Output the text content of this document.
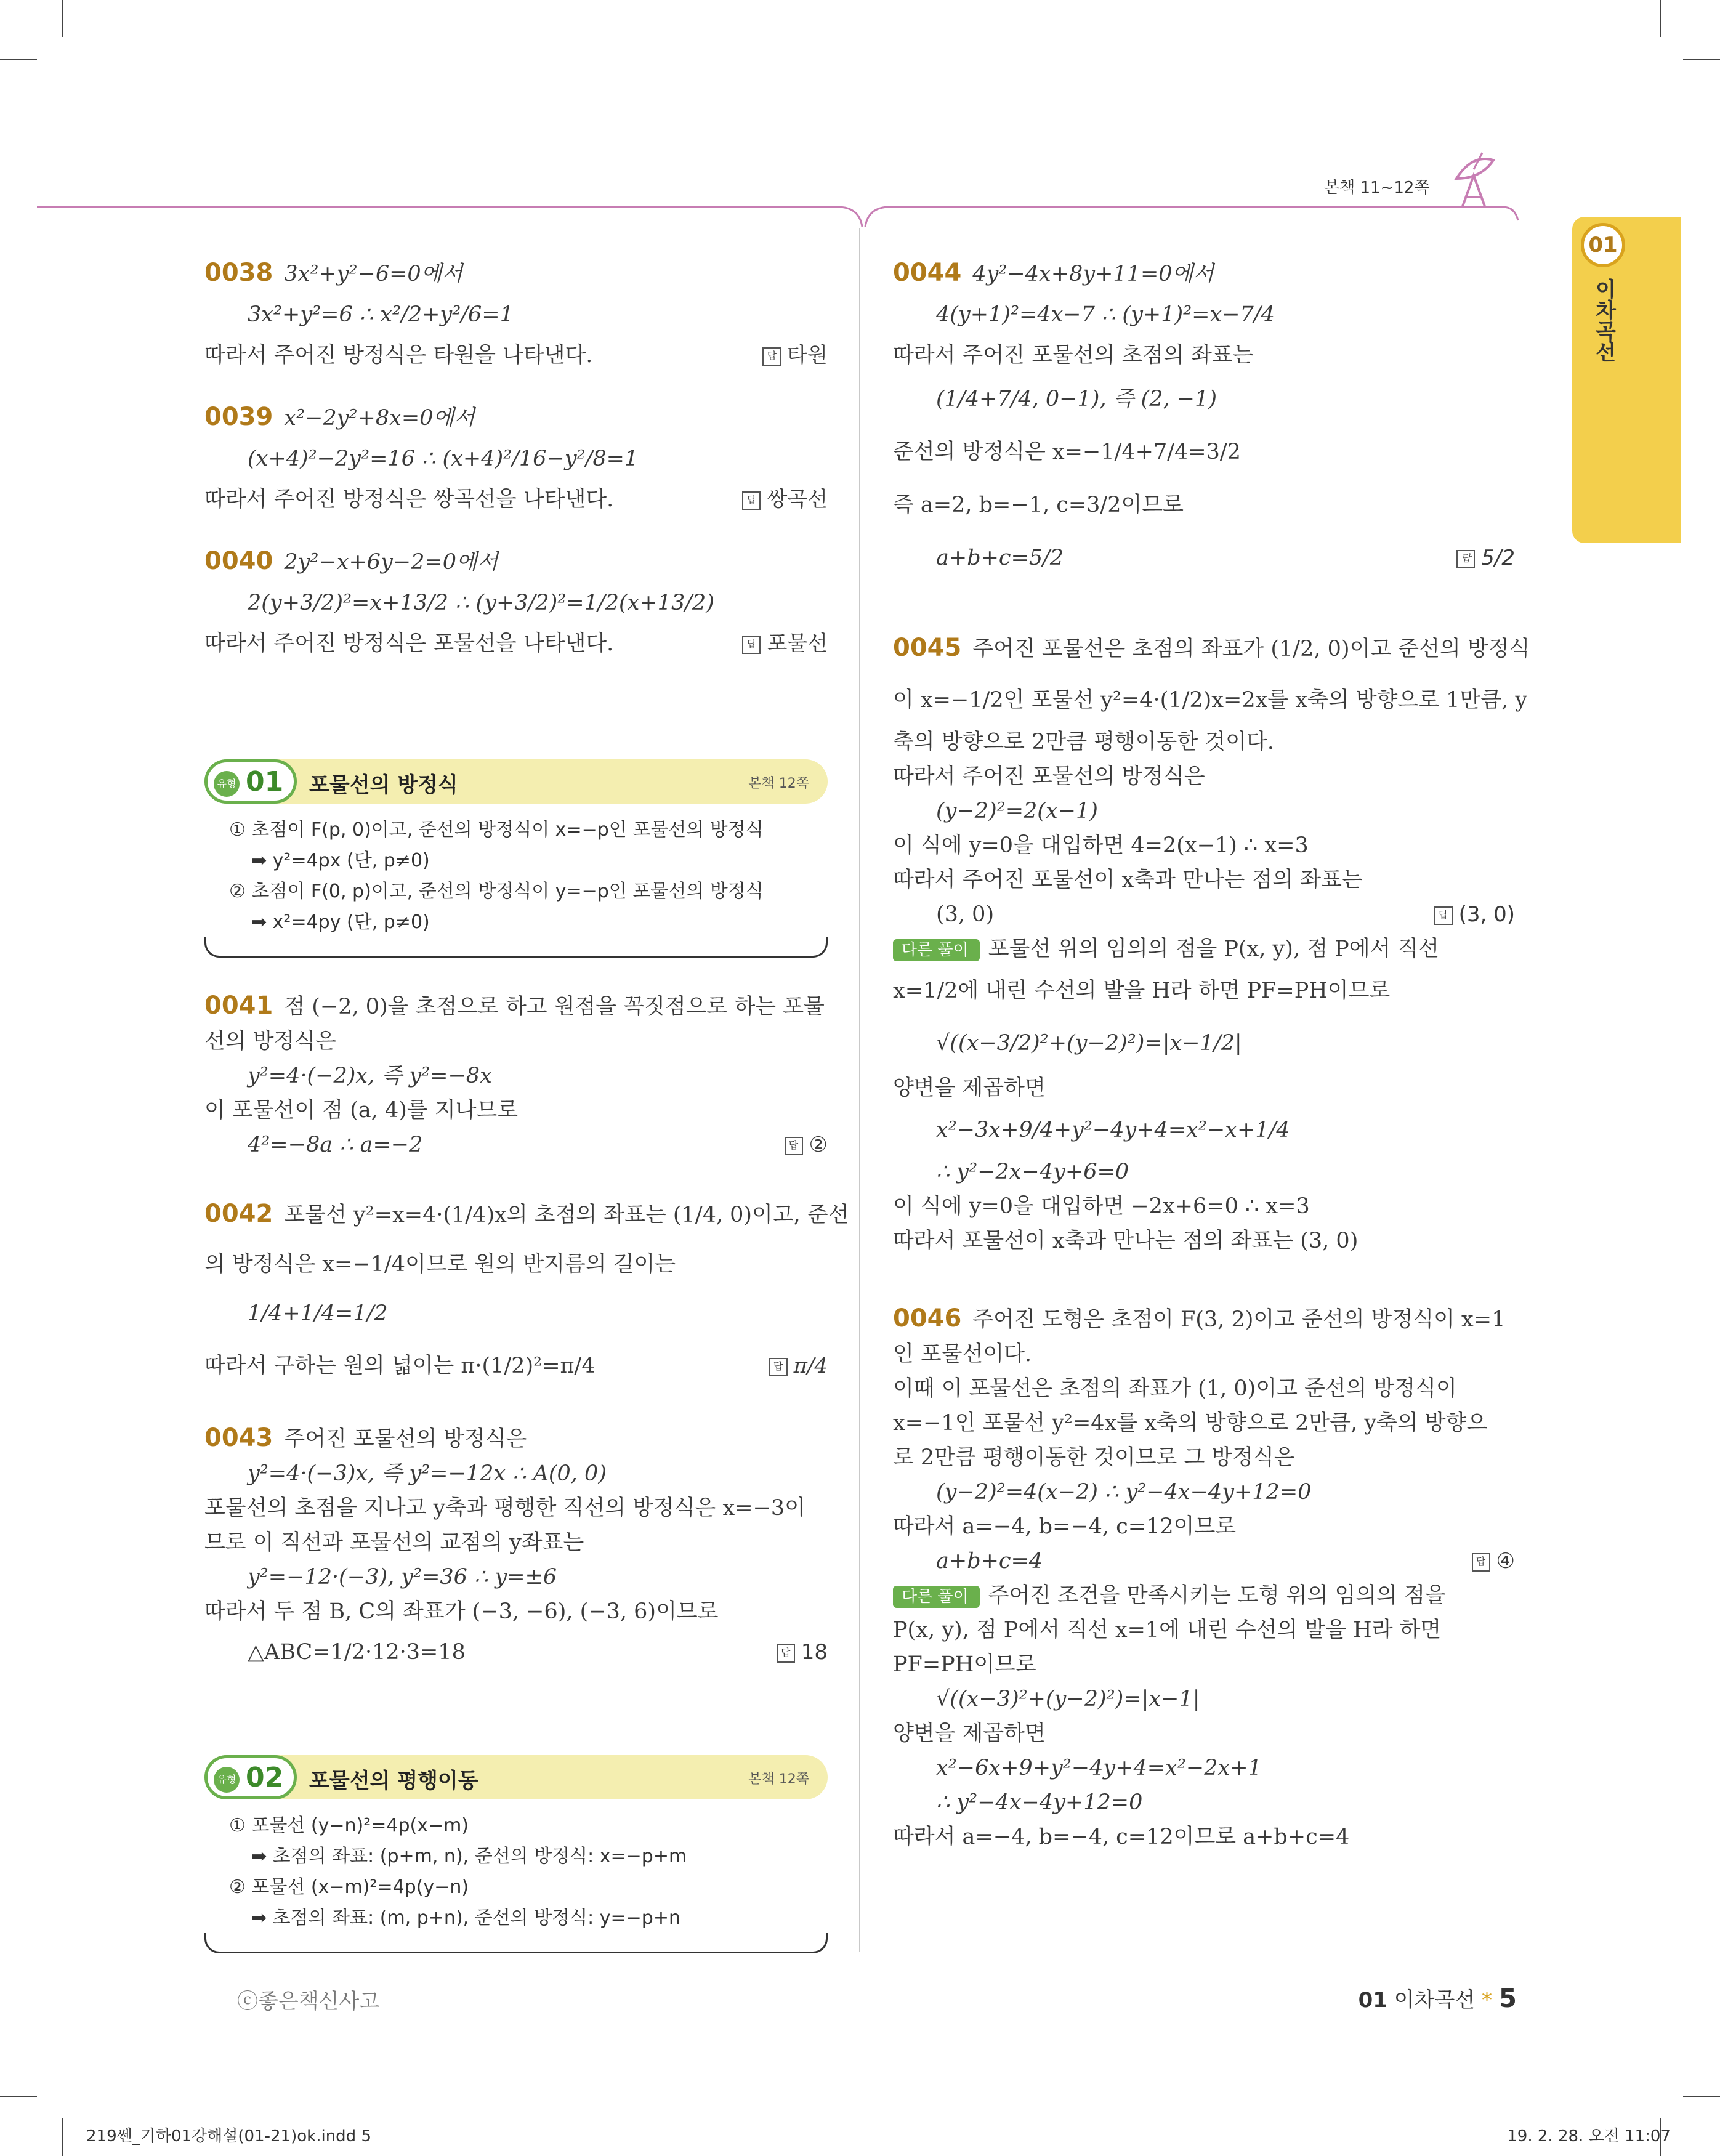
본책 11~12쪽
01
이차곡선

0038 3x²+y²−6=0에서

3x²+y²=6 ∴ x²/2+y²/6=1

따라서 주어진 방정식은 타원을 나타낸다.	답 타원

0039 x²−2y²+8x=0에서

(x+4)²−2y²=16 ∴ (x+4)²/16−y²/8=1

따라서 주어진 방정식은 쌍곡선을 나타낸다.	답 쌍곡선

0040 2y²−x+6y−2=0에서

2(y+3/2)²=x+13/2 ∴ (y+3/2)²=1/2(x+13/2)

따라서 주어진 방정식은 포물선을 나타낸다.	답 포물선

유형 01 포물선의 방정식	본책 12쪽

① 초점이 F(p, 0)이고, 준선의 방정식이 x=−p인 포물선의 방정식

➡ y²=4px (단, p≠0)

② 초점이 F(0, p)이고, 준선의 방정식이 y=−p인 포물선의 방정식

➡ x²=4py (단, p≠0)

0041 점 (−2, 0)을 초점으로 하고 원점을 꼭짓점으로 하는 포물

선의 방정식은

y²=4·(−2)x, 즉 y²=−8x

이 포물선이 점 (a, 4)를 지나므로

4²=−8a ∴ a=−2	답 ②

0042 포물선 y²=x=4·(1/4)x의 초점의 좌표는 (1/4, 0)이고, 준선

의 방정식은 x=−1/4이므로 원의 반지름의 길이는

1/4+1/4=1/2

따라서 구하는 원의 넓이는 π·(1/2)²=π/4	답 π/4

0043 주어진 포물선의 방정식은

y²=4·(−3)x, 즉 y²=−12x ∴ A(0, 0)

포물선의 초점을 지나고 y축과 평행한 직선의 방정식은 x=−3이

므로 이 직선과 포물선의 교점의 y좌표는

y²=−12·(−3), y²=36 ∴ y=±6

따라서 두 점 B, C의 좌표가 (−3, −6), (−3, 6)이므로

△ABC=1/2·12·3=18	답 18

유형 02 포물선의 평행이동	본책 12쪽

① 포물선 (y−n)²=4p(x−m)

➡ 초점의 좌표: (p+m, n), 준선의 방정식: x=−p+m

② 포물선 (x−m)²=4p(y−n)

➡ 초점의 좌표: (m, p+n), 준선의 방정식: y=−p+n

0044 4y²−4x+8y+11=0에서

4(y+1)²=4x−7 ∴ (y+1)²=x−7/4

따라서 주어진 포물선의 초점의 좌표는

(1/4+7/4, 0−1), 즉 (2, −1)

준선의 방정식은 x=−1/4+7/4=3/2

즉 a=2, b=−1, c=3/2이므로

a+b+c=5/2	답 5/2

0045 주어진 포물선은 초점의 좌표가 (1/2, 0)이고 준선의 방정식

이 x=−1/2인 포물선 y²=4·(1/2)x=2x를 x축의 방향으로 1만큼, y

축의 방향으로 2만큼 평행이동한 것이다.

따라서 주어진 포물선의 방정식은

(y−2)²=2(x−1)

이 식에 y=0을 대입하면 4=2(x−1) ∴ x=3

따라서 주어진 포물선이 x축과 만나는 점의 좌표는

(3, 0)	답 (3, 0)

다른 풀이 포물선 위의 임의의 점을 P(x, y), 점 P에서 직선

x=1/2에 내린 수선의 발을 H라 하면 PF=PH이므로

√((x−3/2)²+(y−2)²)=|x−1/2|

양변을 제곱하면

x²−3x+9/4+y²−4y+4=x²−x+1/4

∴ y²−2x−4y+6=0

이 식에 y=0을 대입하면 −2x+6=0 ∴ x=3

따라서 포물선이 x축과 만나는 점의 좌표는 (3, 0)

0046 주어진 도형은 초점이 F(3, 2)이고 준선의 방정식이 x=1

인 포물선이다.

이때 이 포물선은 초점의 좌표가 (1, 0)이고 준선의 방정식이

x=−1인 포물선 y²=4x를 x축의 방향으로 2만큼, y축의 방향으

로 2만큼 평행이동한 것이므로 그 방정식은

(y−2)²=4(x−2) ∴ y²−4x−4y+12=0

따라서 a=−4, b=−4, c=12이므로

a+b+c=4	답 ④

다른 풀이 주어진 조건을 만족시키는 도형 위의 임의의 점을

P(x, y), 점 P에서 직선 x=1에 내린 수선의 발을 H라 하면

PF=PH이므로

√((x−3)²+(y−2)²)=|x−1|

양변을 제곱하면

x²−6x+9+y²−4y+4=x²−2x+1

∴ y²−4x−4y+12=0

따라서 a=−4, b=−4, c=12이므로 a+b+c=4

ⓒ좋은책신사고	01 이차곡선 * 5
219쎈_기하01강해설(01-21)ok.indd 5	19. 2. 28. 오전 11:07
